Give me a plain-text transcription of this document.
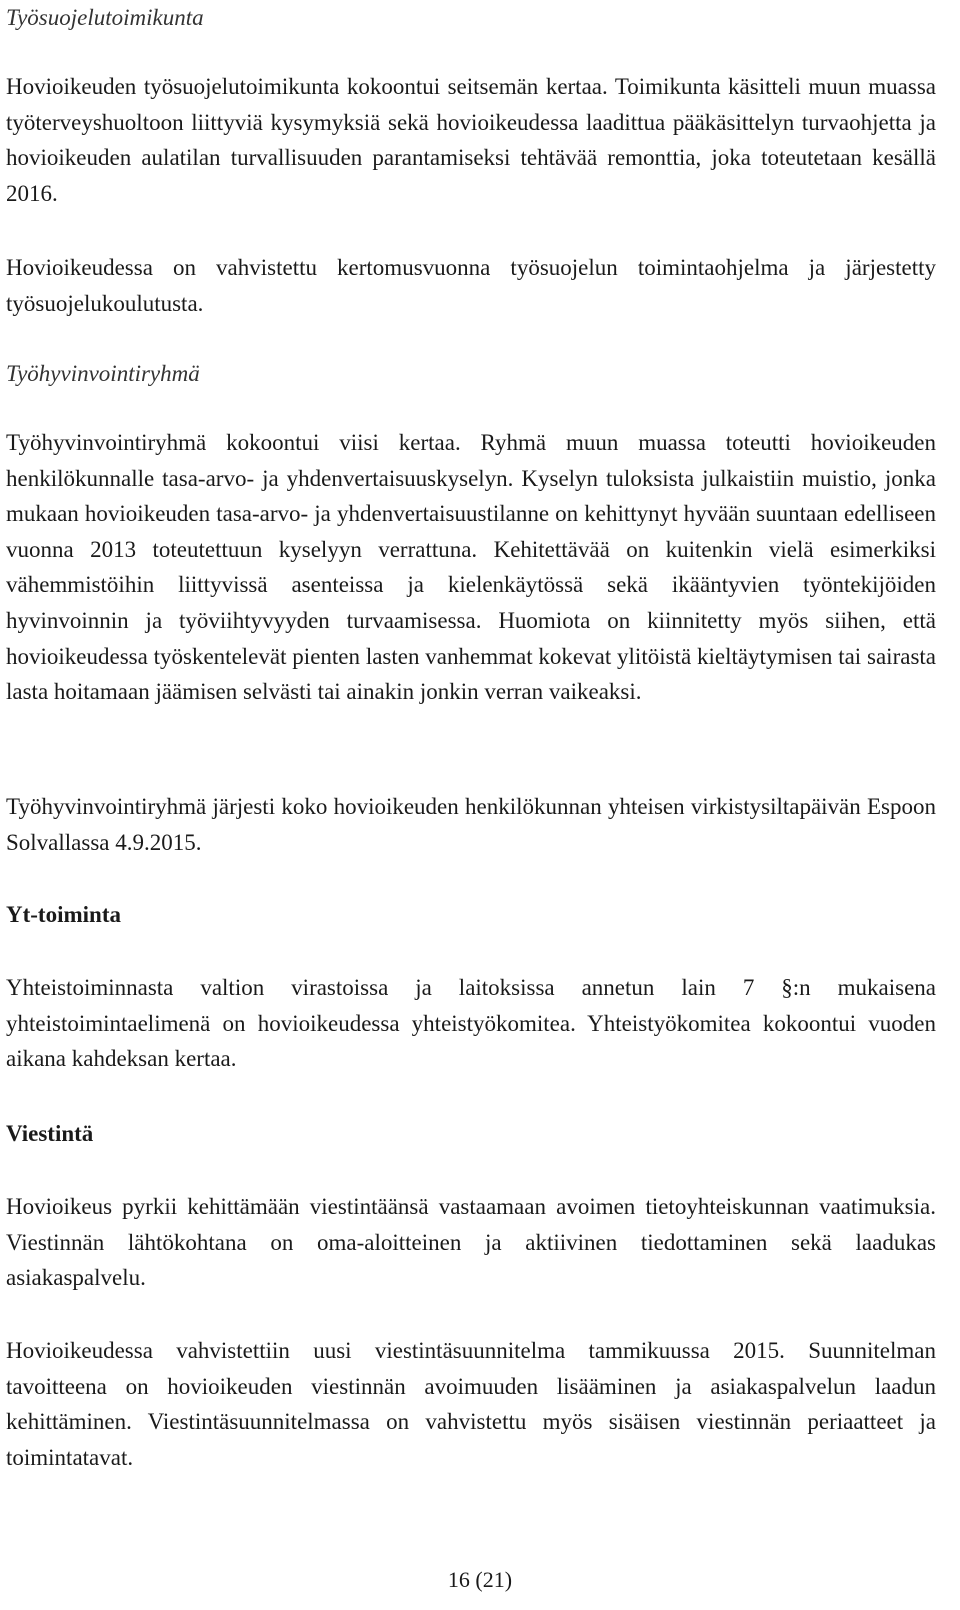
Työsuojelutoimikunta

Hovioikeuden työsuojelutoimikunta kokoontui seitsemän kertaa. Toimikunta käsitteli muun muassa työterveyshuoltoon liittyviä kysymyksiä sekä hovioikeudessa laadittua pääkäsittelyn turvaohjetta ja hovioikeuden aulatilan turvallisuuden parantamiseksi tehtävää remonttia, joka toteutetaan kesällä 2016.

Hovioikeudessa on vahvistettu kertomusvuonna työsuojelun toimintaohjelma ja järjestetty työsuojelukoulutusta.

Työhyvinvointiryhmä

Työhyvinvointiryhmä kokoontui viisi kertaa. Ryhmä muun muassa toteutti hovioikeuden henkilökunnalle tasa-arvo- ja yhdenvertaisuuskyselyn. Kyselyn tuloksista julkaistiin muistio, jonka mukaan hovioikeuden tasa-arvo- ja yhdenvertaisuustilanne on kehittynyt hyvään suuntaan edelliseen vuonna 2013 toteutettuun kyselyyn verrattuna. Kehitettävää on kuitenkin vielä esimerkiksi vähemmistöihin liittyvissä asenteissa ja kielenkäytössä sekä ikääntyvien työntekijöiden hyvinvoinnin ja työviihtyvyyden turvaamisessa. Huomiota on kiinnitetty myös siihen, että hovioikeudessa työskentelevät pienten lasten vanhemmat kokevat ylitöistä kieltäytymisen tai sairasta lasta hoitamaan jäämisen selvästi tai ainakin jonkin verran vaikeaksi.

Työhyvinvointiryhmä järjesti koko hovioikeuden henkilökunnan yhteisen virkistysiltapäivän Espoon Solvallassa 4.9.2015.

Yt-toiminta

Yhteistoiminnasta valtion virastoissa ja laitoksissa annetun lain 7 §:n mukaisena yhteistoimintaelimenä on hovioikeudessa yhteistyökomitea. Yhteistyökomitea kokoontui vuoden aikana kahdeksan kertaa.

Viestintä

Hovioikeus pyrkii kehittämään viestintäänsä vastaamaan avoimen tietoyhteiskunnan vaatimuksia. Viestinnän lähtökohtana on oma-aloitteinen ja aktiivinen tiedottaminen sekä laadukas asiakaspalvelu.

Hovioikeudessa vahvistettiin uusi viestintäsuunnitelma tammikuussa 2015. Suunnitelman tavoitteena on hovioikeuden viestinnän avoimuuden lisääminen ja asiakaspalvelun laadun kehittäminen. Viestintäsuunnitelmassa on vahvistettu myös sisäisen viestinnän periaatteet ja toimintatavat.

16 (21)
